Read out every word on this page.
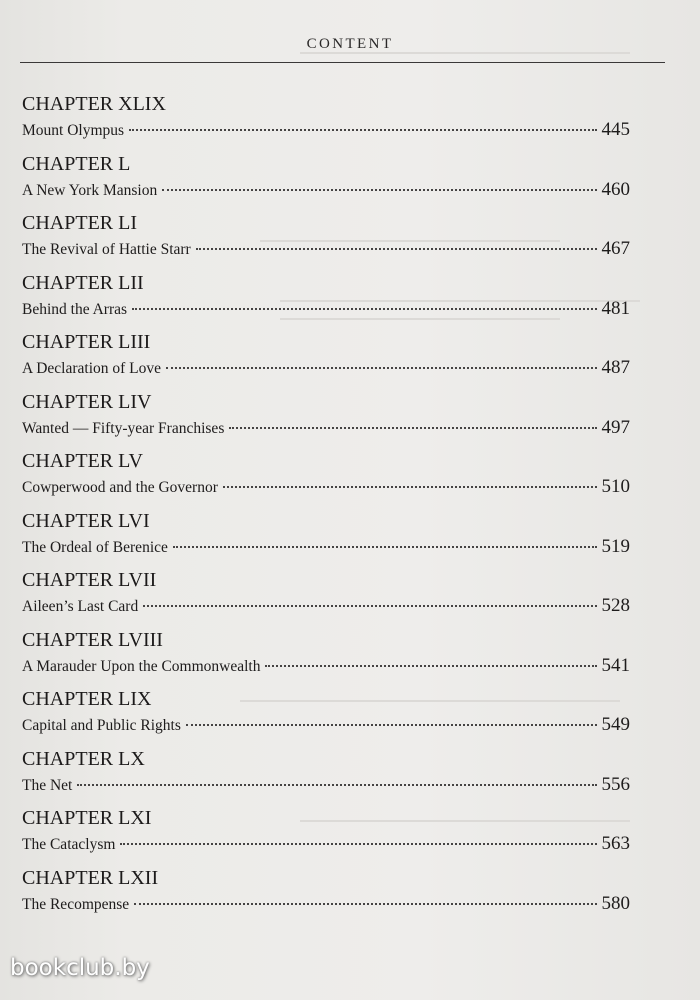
CONTENT
CHAPTER XLIX
Mount Olympus	445
CHAPTER L
A New York Mansion	460
CHAPTER LI
The Revival of Hattie Starr	467
CHAPTER LII
Behind the Arras	481
CHAPTER LIII
A Declaration of Love	487
CHAPTER LIV
Wanted — Fifty-year Franchises	497
CHAPTER LV
Cowperwood and the Governor	510
CHAPTER LVI
The Ordeal of Berenice	519
CHAPTER LVII
Aileen’s Last Card	528
CHAPTER LVIII
A Marauder Upon the Commonwealth	541
CHAPTER LIX
Capital and Public Rights	549
CHAPTER LX
The Net	556
CHAPTER LXI
The Cataclysm	563
CHAPTER LXII
The Recompense	580
bookclub.by
